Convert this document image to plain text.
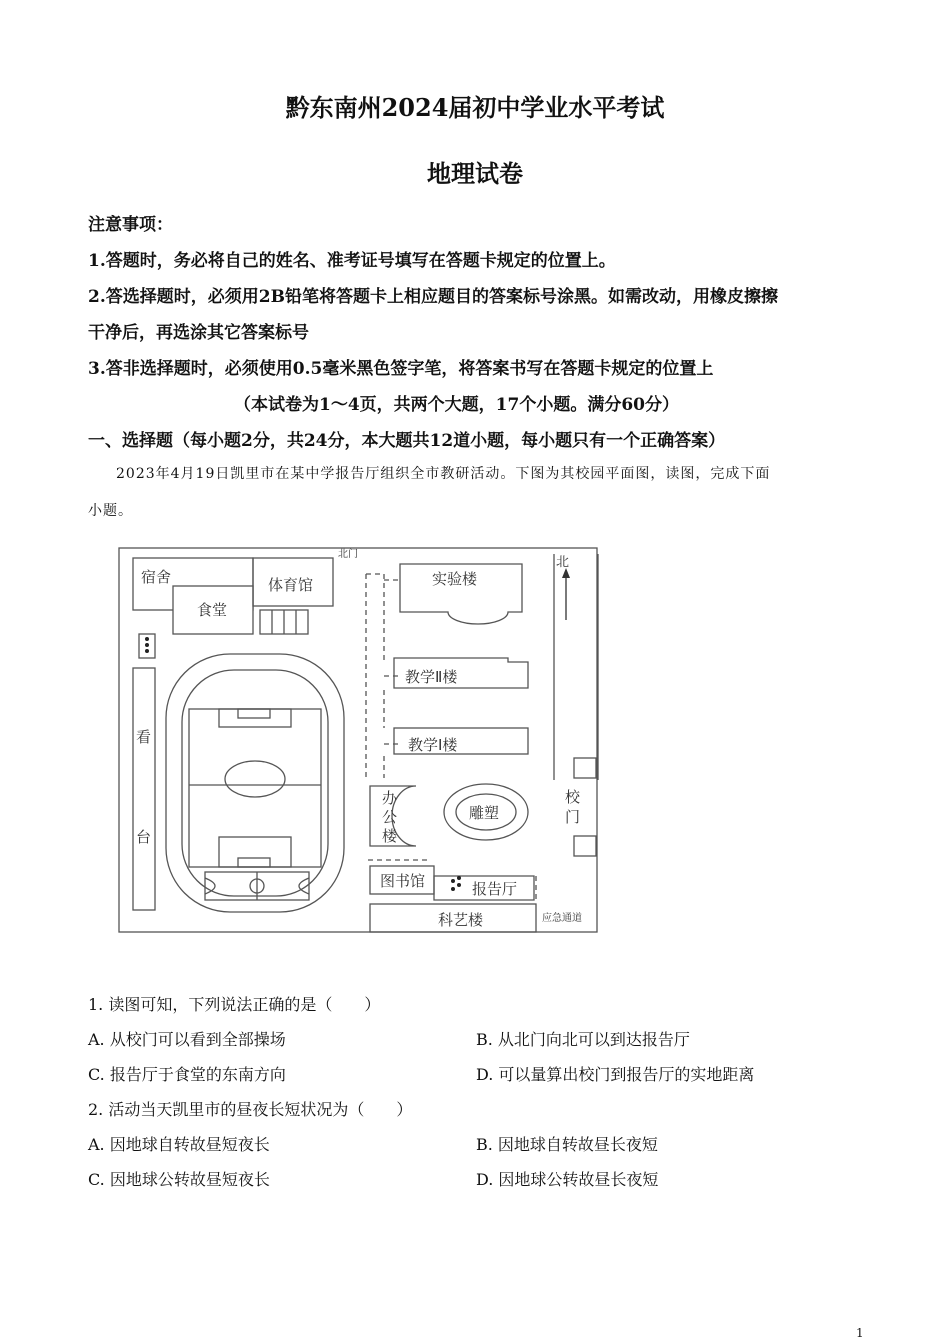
黔东南州2024届初中学业水平考试
地理试卷
注意事项：
1.答题时，务必将自己的姓名、准考证号填写在答题卡规定的位置上。
2.答选择题时，必须用2B铅笔将答题卡上相应题目的答案标号涂黑。如需改动，用橡皮擦擦
干净后，再选涂其它答案标号
3.答非选择题时，必须使用0.5毫米黑色签字笔，将答案书写在答题卡规定的位置上
（本试卷为1～4页，共两个大题，17个小题。满分60分）
一、选择题（每小题2分，共24分，本大题共12道小题，每小题只有一个正确答案）
2023年4月19日凯里市在某中学报告厅组织全市教研活动。下图为其校园平面图，读图，完成下面
小题。
北门
北
宿舍
食堂
体育馆	实验楼
教学Ⅱ楼
教学Ⅰ楼
看
台
办
公
楼
雕塑
校
门
图书馆	报告厅
科艺楼	应急通道
1. 读图可知，下列说法正确的是（　　）
A. 从校门可以看到全部操场	B. 从北门向北可以到达报告厅
C. 报告厅于食堂的东南方向	D. 可以量算出校门到报告厅的实地距离
2. 活动当天凯里市的昼夜长短状况为（　　）
A. 因地球自转故昼短夜长	B. 因地球自转故昼长夜短
C. 因地球公转故昼短夜长	D. 因地球公转故昼长夜短
1
